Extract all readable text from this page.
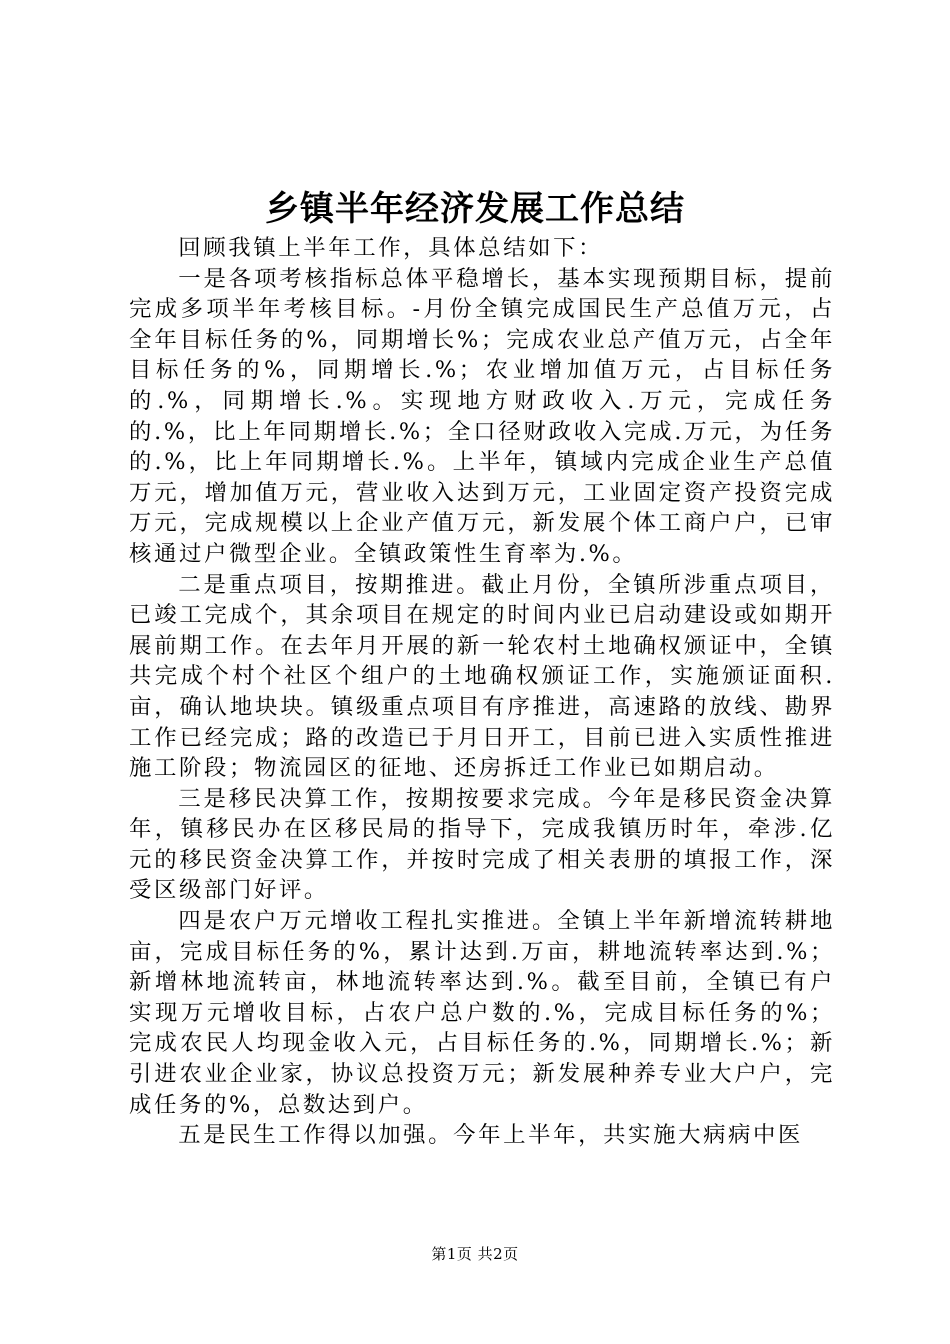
乡镇半年经济发展工作总结

回顾我镇上半年工作，具体总结如下：

一是各项考核指标总体平稳增长，基本实现预期目标，提前完成多项半年考核目标。-月份全镇完成国民生产总值万元，占全年目标任务的%，同期增长%；完成农业总产值万元，占全年目标任务的%，同期增长.%；农业增加值万元，占目标任务的.%，同期增长.%。实现地方财政收入.万元，完成任务的.%，比上年同期增长.%；全口径财政收入完成.万元，为任务的.%，比上年同期增长.%。上半年，镇域内完成企业生产总值万元，增加值万元，营业收入达到万元，工业固定资产投资完成万元，完成规模以上企业产值万元，新发展个体工商户户，已审核通过户微型企业。全镇政策性生育率为.%。

二是重点项目，按期推进。截止月份，全镇所涉重点项目，已竣工完成个，其余项目在规定的时间内业已启动建设或如期开展前期工作。在去年月开展的新一轮农村土地确权颁证中，全镇共完成个村个社区个组户的土地确权颁证工作，实施颁证面积.亩，确认地块块。镇级重点项目有序推进，高速路的放线、勘界工作已经完成；路的改造已于月日开工，目前已进入实质性推进施工阶段；物流园区的征地、还房拆迁工作业已如期启动。

三是移民决算工作，按期按要求完成。今年是移民资金决算年，镇移民办在区移民局的指导下，完成我镇历时年，牵涉.亿元的移民资金决算工作，并按时完成了相关表册的填报工作，深受区级部门好评。

四是农户万元增收工程扎实推进。全镇上半年新增流转耕地亩，完成目标任务的%，累计达到.万亩，耕地流转率达到.%；新增林地流转亩，林地流转率达到.%。截至目前，全镇已有户实现万元增收目标，占农户总户数的.%，完成目标任务的%；完成农民人均现金收入元，占目标任务的.%，同期增长.%；新引进农业企业家，协议总投资万元；新发展种养专业大户户，完成任务的%，总数达到户。

五是民生工作得以加强。今年上半年，共实施大病病中医

第1页 共2页
